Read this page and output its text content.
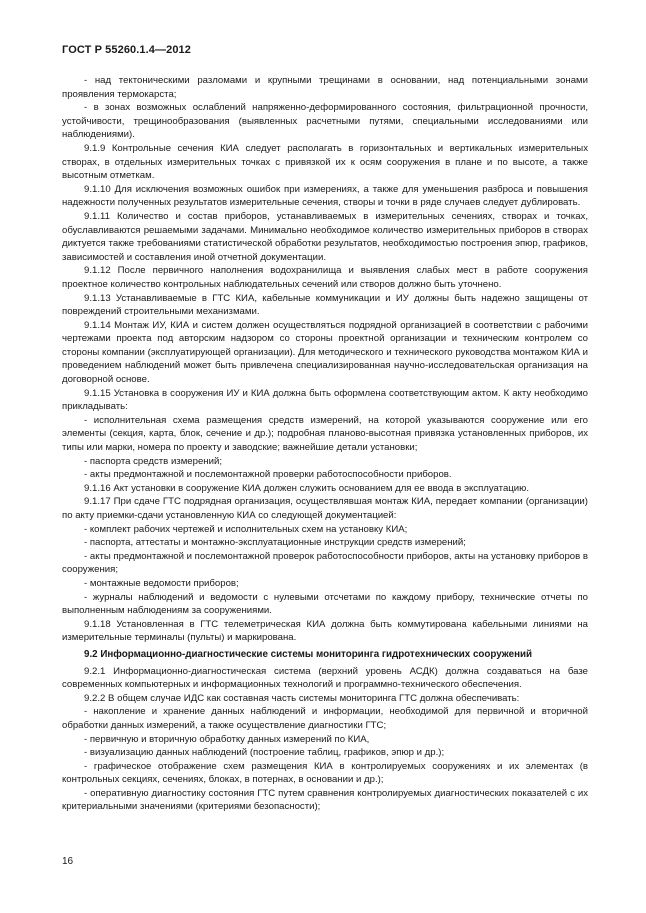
ГОСТ Р 55260.1.4—2012

- над тектоническими разломами и крупными трещинами в основании, над потенциальными зонами проявления термокарста;

- в зонах возможных ослаблений напряженно-деформированного состояния, фильтрационной прочности, устойчивости, трещинообразования (выявленных расчетными путями, специальными исследованиями или наблюдениями).

9.1.9 Контрольные сечения КИА следует располагать в горизонтальных и вертикальных измерительных створах, в отдельных измерительных точках с привязкой их к осям сооружения в плане и по высоте, а также высотным отметкам.

9.1.10 Для исключения возможных ошибок при измерениях, а также для уменьшения разброса и повышения надежности полученных результатов измерительные сечения, створы и точки в ряде случаев следует дублировать.

9.1.11 Количество и состав приборов, устанавливаемых в измерительных сечениях, створах и точках, обуславливаются решаемыми задачами. Минимально необходимое количество измерительных приборов в створах диктуется также требованиями статистической обработки результатов, необходимостью построения эпюр, графиков, зависимостей и составления иной отчетной документации.

9.1.12 После первичного наполнения водохранилища и выявления слабых мест в работе сооружения проектное количество контрольных наблюдательных сечений или створов должно быть уточнено.

9.1.13 Устанавливаемые в ГТС КИА, кабельные коммуникации и ИУ должны быть надежно защищены от повреждений строительными механизмами.

9.1.14 Монтаж ИУ, КИА и систем должен осуществляться подрядной организацией в соответствии с рабочими чертежами проекта под авторским надзором со стороны проектной организации и техническим контролем со стороны компании (эксплуатирующей организации). Для методического и технического руководства монтажом КИА и проведением наблюдений может быть привлечена специализированная научно-исследовательская организация на договорной основе.

9.1.15 Установка в сооружения ИУ и КИА должна быть оформлена соответствующим актом. К акту необходимо прикладывать:

- исполнительная схема размещения средств измерений, на которой указываются сооружение или его элементы (секция, карта, блок, сечение и др.); подробная планово-высотная привязка установленных приборов, их типы или марки, номера по проекту и заводские; важнейшие детали установки;

- паспорта средств измерений;

- акты предмонтажной и послемонтажной проверки работоспособности приборов.

9.1.16 Акт установки в сооружение КИА должен служить основанием для ее ввода в эксплуатацию.

9.1.17 При сдаче ГТС подрядная организация, осуществлявшая монтаж КИА, передает компании (организации) по акту приемки-сдачи установленную КИА со следующей документацией:

- комплект рабочих чертежей и исполнительных схем на установку КИА;

- паспорта, аттестаты и монтажно-эксплуатационные инструкции средств измерений;

- акты предмонтажной и послемонтажной проверок работоспособности приборов, акты на установку приборов в сооружения;

- монтажные ведомости приборов;

- журналы наблюдений и ведомости с нулевыми отсчетами по каждому прибору, технические отчеты по выполненным наблюдениям за сооружениями.

9.1.18 Установленная в ГТС телеметрическая КИА должна быть коммутирована кабельными линиями на измерительные терминалы (пульты) и маркирована.

9.2 Информационно-диагностические системы мониторинга гидротехнических сооружений

9.2.1 Информационно-диагностическая система (верхний уровень АСДК) должна создаваться на базе современных компьютерных и информационных технологий и программно-технического обеспечения.

9.2.2 В общем случае ИДС как составная часть системы мониторинга ГТС должна обеспечивать:

- накопление и хранение данных наблюдений и информации, необходимой для первичной и вторичной обработки данных измерений, а также осуществление диагностики ГТС;

- первичную и вторичную обработку данных измерений по КИА,

- визуализацию данных наблюдений (построение таблиц, графиков, эпюр и др.);

- графическое отображение схем размещения КИА в контролируемых сооружениях и их элементах (в контрольных секциях, сечениях, блоках, в потернах, в основании и др.);

- оперативную диагностику состояния ГТС путем сравнения контролируемых диагностических показателей с их критериальными значениями (критериями безопасности);

16
